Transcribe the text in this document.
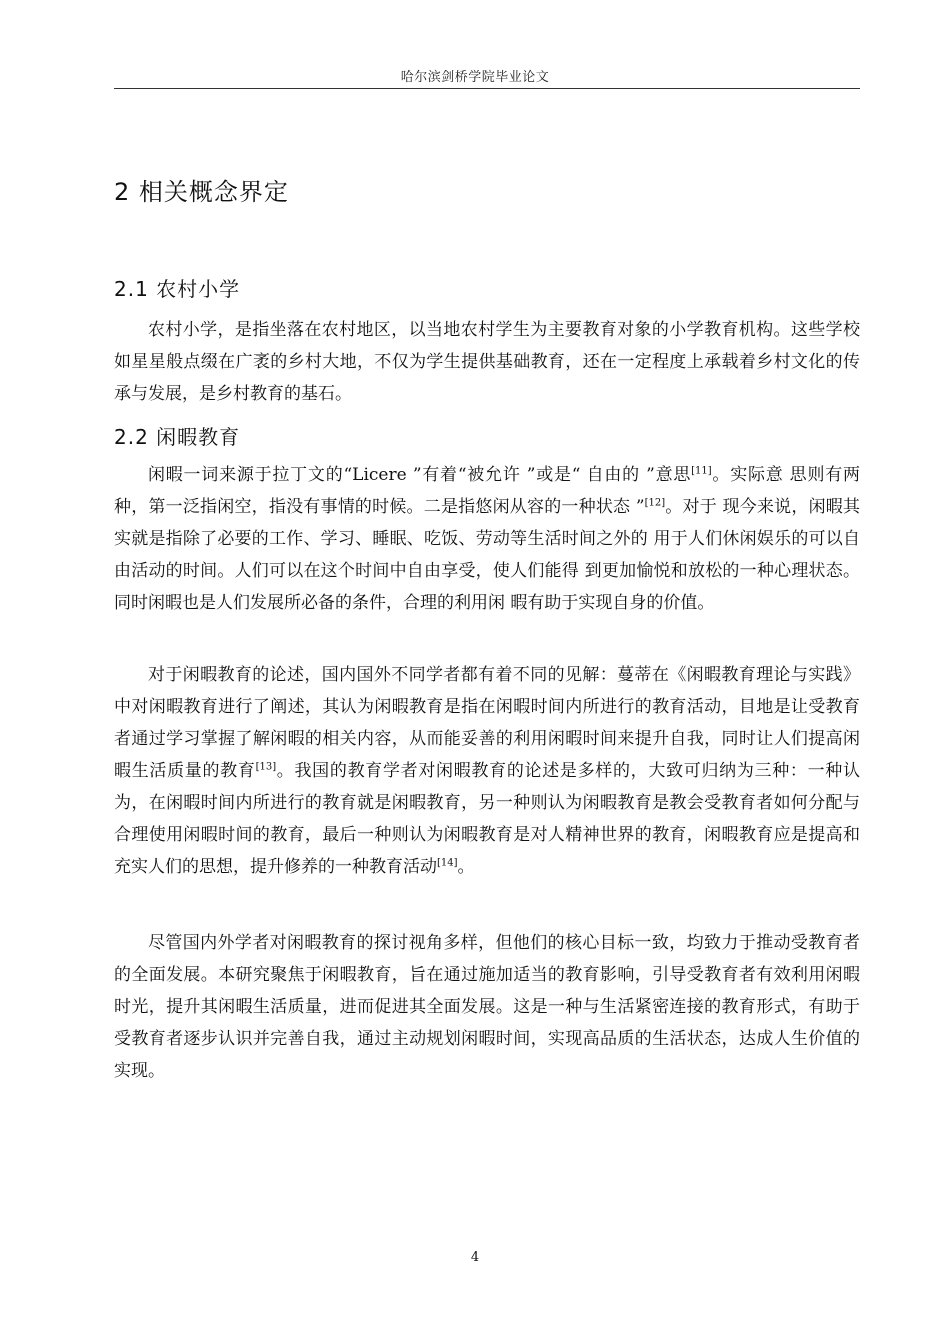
哈尔滨剑桥学院毕业论文
2 相关概念界定
2.1 农村小学

农村小学，是指坐落在农村地区，以当地农村学生为主要教育对象的小学教育机构。这些学校如星星般点缀在广袤的乡村大地，不仅为学生提供基础教育，还在一定程度上承载着乡村文化的传承与发展，是乡村教育的基石。

2.2 闲暇教育

闲暇一词来源于拉丁文的“Licere ”有着“被允许 ”或是“ 自由的 ”意思[11]。实际意 思则有两种，第一泛指闲空，指没有事情的时候。二是指悠闲从容的一种状态 ”[12]。对于 现今来说，闲暇其实就是指除了必要的工作、学习、睡眠、吃饭、劳动等生活时间之外的 用于人们休闲娱乐的可以自由活动的时间。人们可以在这个时间中自由享受，使人们能得 到更加愉悦和放松的一种心理状态。同时闲暇也是人们发展所必备的条件，合理的利用闲 暇有助于实现自身的价值。

对于闲暇教育的论述，国内国外不同学者都有着不同的见解：蔓蒂在《闲暇教育理论与实践》中对闲暇教育进行了阐述，其认为闲暇教育是指在闲暇时间内所进行的教育活动，目地是让受教育者通过学习掌握了解闲暇的相关内容，从而能妥善的利用闲暇时间来提升自我，同时让人们提高闲暇生活质量的教育[13]。我国的教育学者对闲暇教育的论述是多样的，大致可归纳为三种：一种认为，在闲暇时间内所进行的教育就是闲暇教育，另一种则认为闲暇教育是教会受教育者如何分配与合理使用闲暇时间的教育，最后一种则认为闲暇教育是对人精神世界的教育，闲暇教育应是提高和充实人们的思想，提升修养的一种教育活动[14]。

尽管国内外学者对闲暇教育的探讨视角多样，但他们的核心目标一致，均致力于推动受教育者的全面发展。本研究聚焦于闲暇教育，旨在通过施加适当的教育影响，引导受教育者有效利用闲暇时光，提升其闲暇生活质量，进而促进其全面发展。这是一种与生活紧密连接的教育形式，有助于受教育者逐步认识并完善自我，通过主动规划闲暇时间，实现高品质的生活状态，达成人生价值的实现。

4
